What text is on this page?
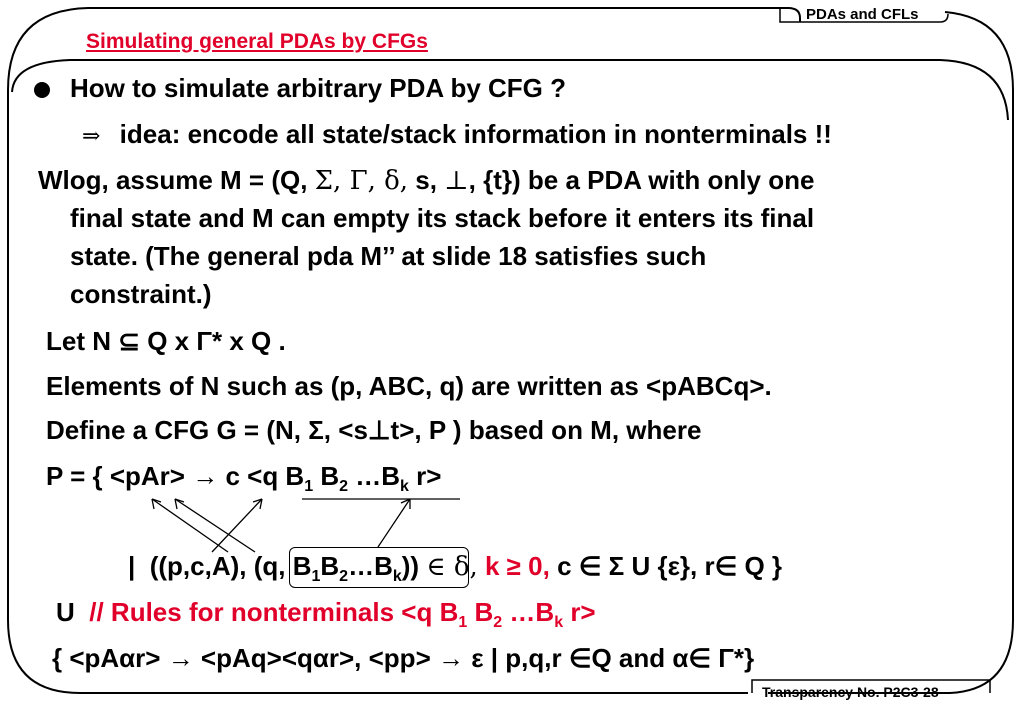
PDAs and CFLs
Simulating general PDAs by CFGs
How to simulate arbitrary PDA by CFG ?
⇒ idea: encode all state/stack information in nonterminals !!
Wlog, assume M = (Q, Σ, Γ, δ, s, ⊥, {t}) be a PDA with only one
final state and M can empty its stack before it enters its final
state. (The general pda M’’ at slide 18 satisfies such
constraint.)
Let N ⊆ Q x Γ* x Q .
Elements of N such as (p, ABC, q) are written as <pABCq>.
Define a CFG G = (N, Σ, <s⊥t>, P ) based on M, where
P = { <pAr> → c <q $B_1$ $B_2$ $\dots B_k$ r>
|  ((p,c,A), (q, $B_1B_2\dots B_k$)) ∈ δ, k ≥ 0, c ∈ Σ U {ε}, r∈ Q }
U // Rules for nonterminals <q $B_1$ $B_2$ $\dots B_k$ r>
{ <pAαr> → <pAq><qαr>, <pp> → ε | p,q,r ∈Q and α∈ Γ*}
Transparency No. P2C3-28
